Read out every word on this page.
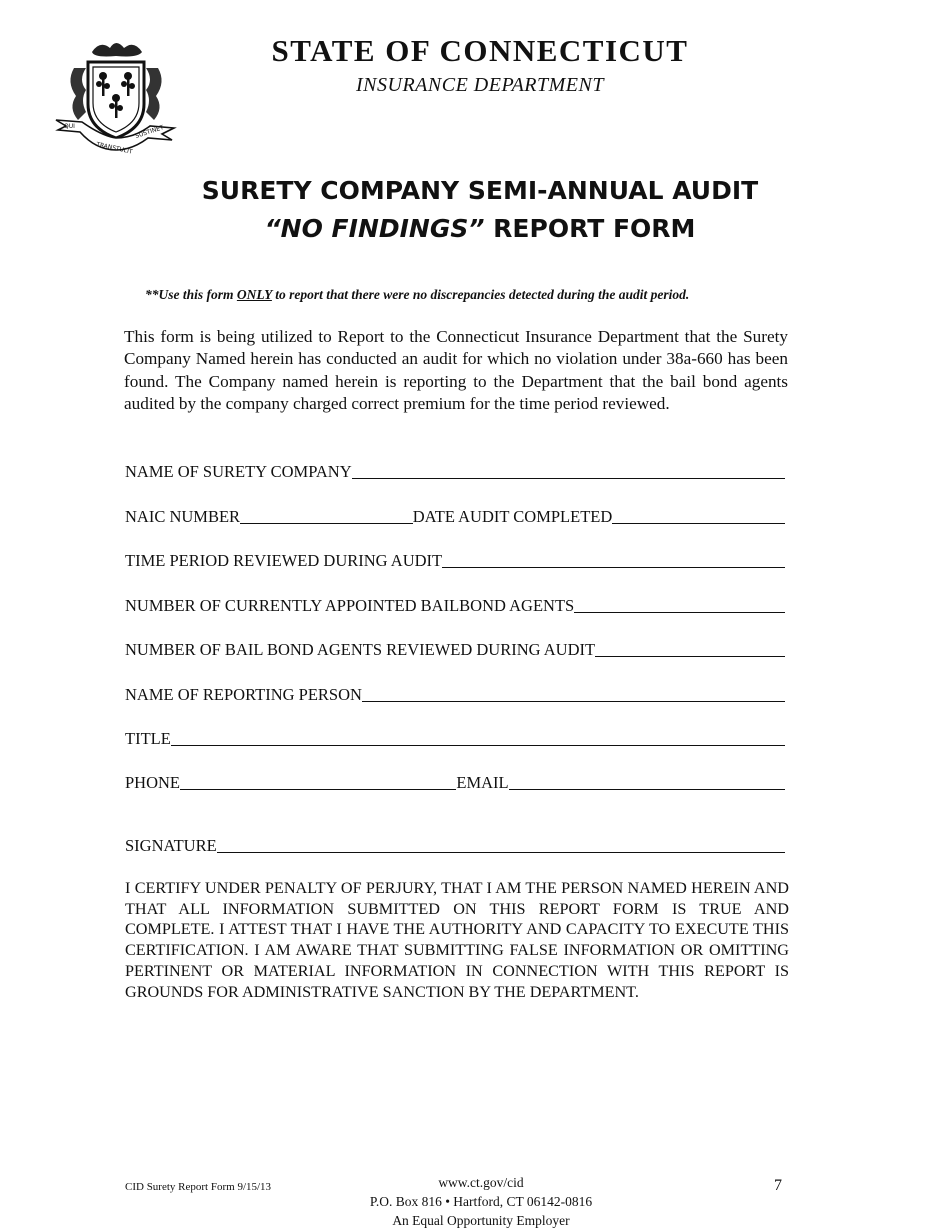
QUI
TRANSTULIT
SUSTINET
STATE OF CONNECTICUT
INSURANCE DEPARTMENT
SURETY COMPANY SEMI-ANNUAL AUDIT
“NO FINDINGS” REPORT FORM
**Use this form ONLY to report that there were no discrepancies detected during the audit period.
This form is being utilized to Report to the Connecticut Insurance Department that the Surety Company Named herein has conducted an audit for which no violation under 38a-660 has been found. The Company named herein is reporting to the Department that the bail bond agents audited by the company charged correct premium for the time period reviewed.
NAME OF SURETY COMPANY
NAIC NUMBER	DATE AUDIT COMPLETED
TIME PERIOD REVIEWED DURING AUDIT
NUMBER OF CURRENTLY APPOINTED BAILBOND AGENTS
NUMBER OF BAIL BOND AGENTS REVIEWED DURING AUDIT
NAME OF REPORTING PERSON
TITLE
PHONE	EMAIL
SIGNATURE
I CERTIFY UNDER PENALTY OF PERJURY, THAT I AM THE PERSON NAMED HEREIN AND THAT ALL INFORMATION SUBMITTED ON THIS REPORT FORM IS TRUE AND COMPLETE. I ATTEST THAT I HAVE THE AUTHORITY AND CAPACITY TO EXECUTE THIS CERTIFICATION. I AM AWARE THAT SUBMITTING FALSE INFORMATION OR OMITTING PERTINENT OR MATERIAL INFORMATION IN CONNECTION WITH THIS REPORT IS GROUNDS FOR ADMINISTRATIVE SANCTION BY THE DEPARTMENT.
CID Surety Report Form 9/15/13	www.ct.gov/cid
P.O. Box 816 • Hartford, CT 06142-0816
An Equal Opportunity Employer
7
